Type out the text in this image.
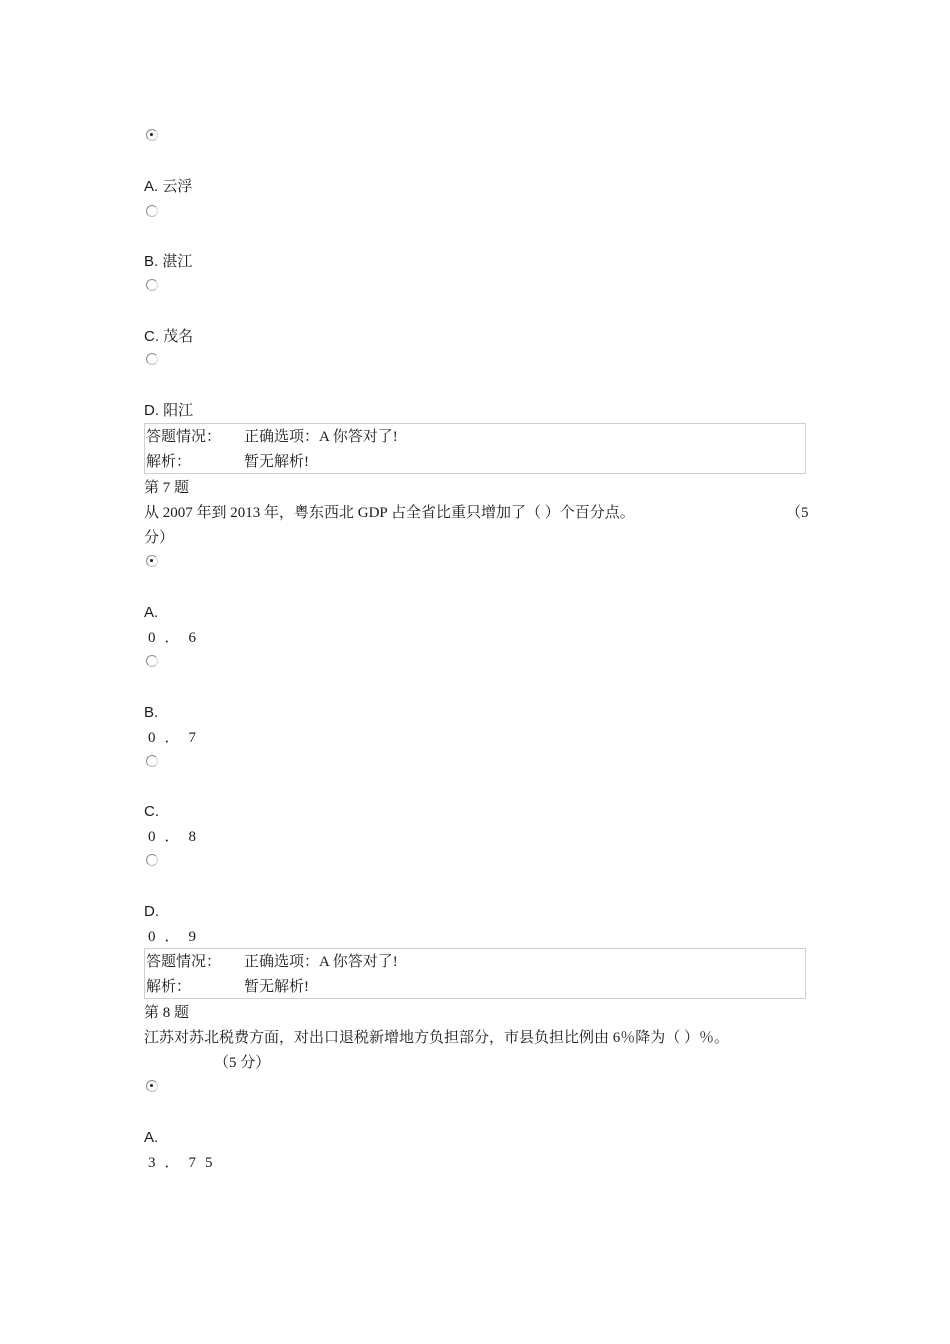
A. 云浮
B. 湛江
C. 茂名
D. 阳江
答题情况： 正确选项：A 你答对了!
解析：	暂无解析!
第 7 题
从 2007 年到 2013 年，粤东西北 GDP 占全省比重只增加了（ ）个百分点。	（5
分）
A.
0．6
B.
0．7
C.
0．8
D.
0．9
答题情况： 正确选项：A 你答对了!
解析：	暂无解析!
第 8 题
江苏对苏北税费方面，对出口退税新增地方负担部分，市县负担比例由 6％降为（ ）％。
（5 分）
A.
3．75
